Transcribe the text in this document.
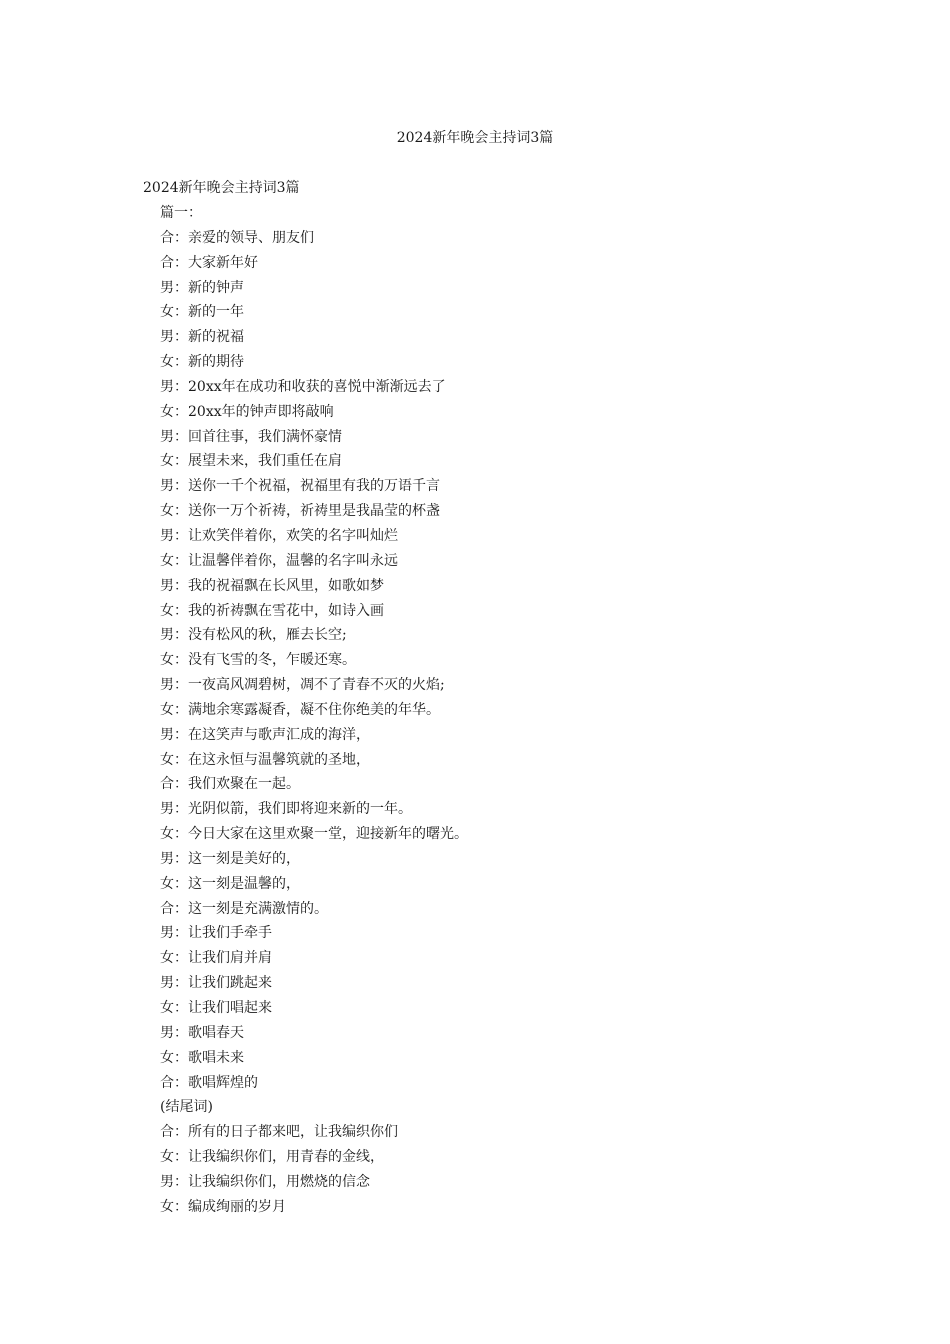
2024新年晚会主持词3篇
2024新年晚会主持词3篇
篇一：
合：亲爱的领导、朋友们
合：大家新年好
男：新的钟声
女：新的一年
男：新的祝福
女：新的期待
男：20xx年在成功和收获的喜悦中渐渐远去了
女：20xx年的钟声即将敲响
男：回首往事，我们满怀豪情
女：展望未来，我们重任在肩
男：送你一千个祝福，祝福里有我的万语千言
女：送你一万个祈祷，祈祷里是我晶莹的杯盏
男：让欢笑伴着你，欢笑的名字叫灿烂
女：让温馨伴着你，温馨的名字叫永远
男：我的祝福飘在长风里，如歌如梦
女：我的祈祷飘在雪花中，如诗入画
男：没有松风的秋，雁去长空;
女：没有飞雪的冬，乍暖还寒。
男：一夜高风凋碧树，凋不了青春不灭的火焰;
女：满地余寒露凝香，凝不住你绝美的年华。
男：在这笑声与歌声汇成的海洋，
女：在这永恒与温馨筑就的圣地，
合：我们欢聚在一起。
男：光阴似箭，我们即将迎来新的一年。
女：今日大家在这里欢聚一堂，迎接新年的曙光。
男：这一刻是美好的，
女：这一刻是温馨的，
合：这一刻是充满激情的。
男：让我们手牵手
女：让我们肩并肩
男：让我们跳起来
女：让我们唱起来
男：歌唱春天
女：歌唱未来
合：歌唱辉煌的
(结尾词)
合：所有的日子都来吧，让我编织你们
女：让我编织你们，用青春的金线，
男：让我编织你们，用燃烧的信念
女：编成绚丽的岁月
